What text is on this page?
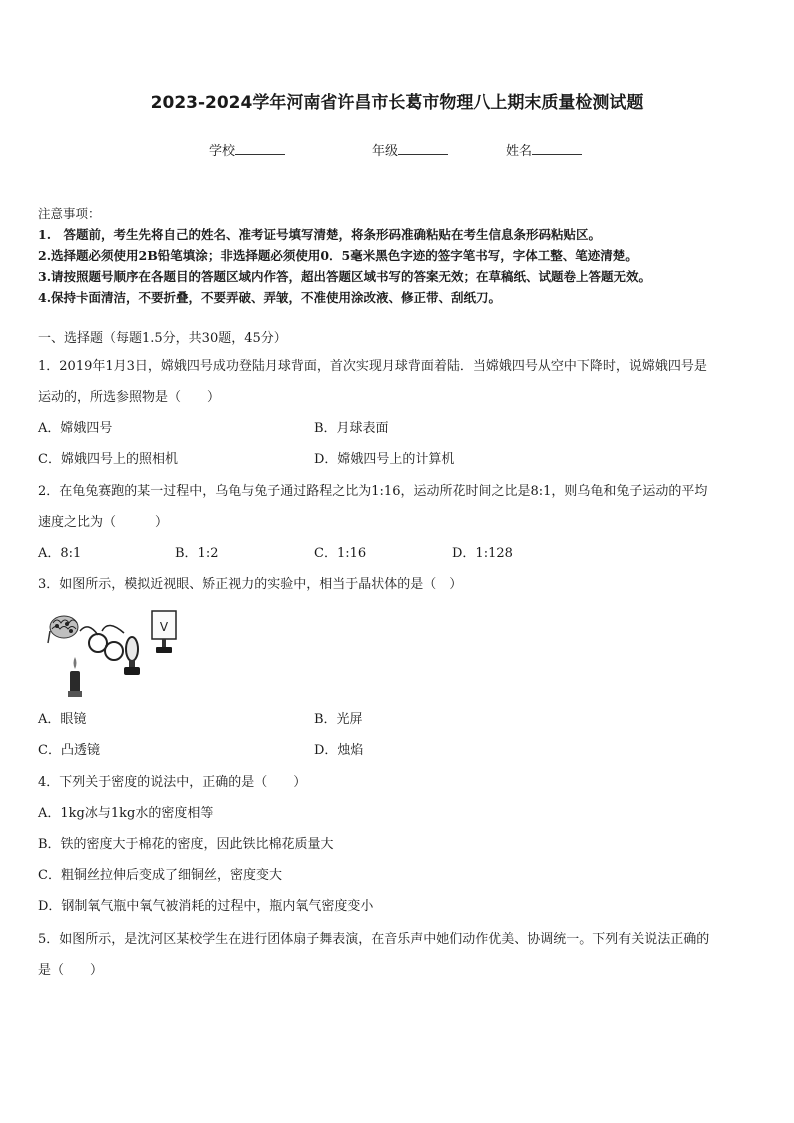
2023-2024学年河南省许昌市长葛市物理八上期末质量检测试题
学校	年级	姓名
注意事项：
1.　答题前，考生先将自己的姓名、准考证号填写清楚，将条形码准确粘贴在考生信息条形码粘贴区。
2.选择题必须使用2B铅笔填涂；非选择题必须使用0．5毫米黑色字迹的签字笔书写，字体工整、笔迹清楚。
3.请按照题号顺序在各题目的答题区域内作答，超出答题区域书写的答案无效；在草稿纸、试题卷上答题无效。
4.保持卡面清洁，不要折叠，不要弄破、弄皱，不准使用涂改液、修正带、刮纸刀。
一、选择题（每题1.5分，共30题，45分）
1．2019年1月3日，嫦娥四号成功登陆月球背面，首次实现月球背面着陆．当嫦娥四号从空中下降时，说嫦娥四号是
运动的，所选参照物是（　　）
A．嫦娥四号	B．月球表面
C．嫦娥四号上的照相机	D．嫦娥四号上的计算机
2．在龟兔赛跑的某一过程中，乌龟与兔子通过路程之比为1:16，运动所花时间之比是8:1，则乌龟和兔子运动的平均
速度之比为（　　　）
A．8:1	B．1:2	C．1:16	D．1:128
3．如图所示，模拟近视眼、矫正视力的实验中，相当于晶状体的是（　）
V
A．眼镜	B．光屏
C．凸透镜	D．烛焰
4．下列关于密度的说法中，正确的是（　　）
A．1kg冰与1kg水的密度相等
B．铁的密度大于棉花的密度，因此铁比棉花质量大
C．粗铜丝拉伸后变成了细铜丝，密度变大
D．钢制氧气瓶中氧气被消耗的过程中，瓶内氧气密度变小
5．如图所示，是沈河区某校学生在进行团体扇子舞表演，在音乐声中她们动作优美、协调统一。下列有关说法正确的
是（　　）
